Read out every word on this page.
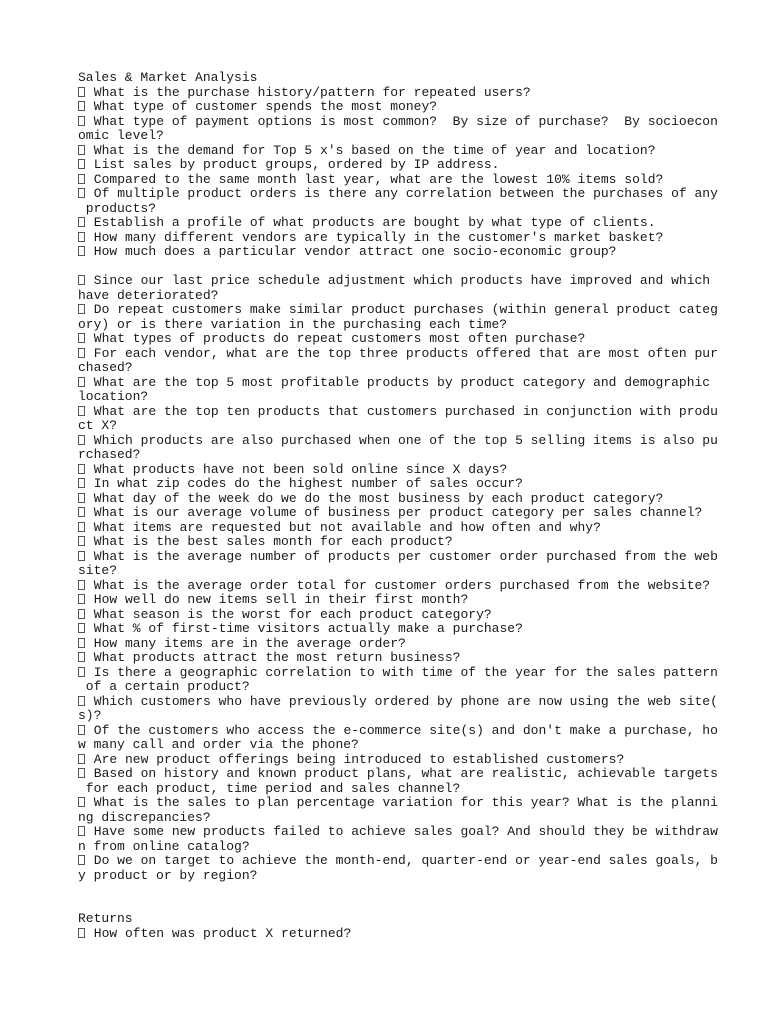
Sales & Market Analysis
What is the purchase history/pattern for repeated users?
What type of customer spends the most money?
What type of payment options is most common?  By size of purchase?  By socioecon
omic level?
What is the demand for Top 5 x's based on the time of year and location?
List sales by product groups, ordered by IP address.
Compared to the same month last year, what are the lowest 10% items sold?
Of multiple product orders is there any correlation between the purchases of any
products?
Establish a profile of what products are bought by what type of clients.
How many different vendors are typically in the customer's market basket?
How much does a particular vendor attract one socio-economic group?
Since our last price schedule adjustment which products have improved and which
have deteriorated?
Do repeat customers make similar product purchases (within general product categ
ory) or is there variation in the purchasing each time?
What types of products do repeat customers most often purchase?
For each vendor, what are the top three products offered that are most often pur
chased?
What are the top 5 most profitable products by product category and demographic
location?
What are the top ten products that customers purchased in conjunction with produ
ct X?
Which products are also purchased when one of the top 5 selling items is also pu
rchased?
What products have not been sold online since X days?
In what zip codes do the highest number of sales occur?
What day of the week do we do the most business by each product category?
What is our average volume of business per product category per sales channel?
What items are requested but not available and how often and why?
What is the best sales month for each product?
What is the average number of products per customer order purchased from the web
site?
What is the average order total for customer orders purchased from the website?
How well do new items sell in their first month?
What season is the worst for each product category?
What % of first-time visitors actually make a purchase?
How many items are in the average order?
What products attract the most return business?
Is there a geographic correlation to with time of the year for the sales pattern
of a certain product?
Which customers who have previously ordered by phone are now using the web site(
s)?
Of the customers who access the e-commerce site(s) and don't make a purchase, ho
w many call and order via the phone?
Are new product offerings being introduced to established customers?
Based on history and known product plans, what are realistic, achievable targets
for each product, time period and sales channel?
What is the sales to plan percentage variation for this year? What is the planni
ng discrepancies?
Have some new products failed to achieve sales goal? And should they be withdraw
n from online catalog?
Do we on target to achieve the month-end, quarter-end or year-end sales goals, b
y product or by region?
Returns
How often was product X returned?
